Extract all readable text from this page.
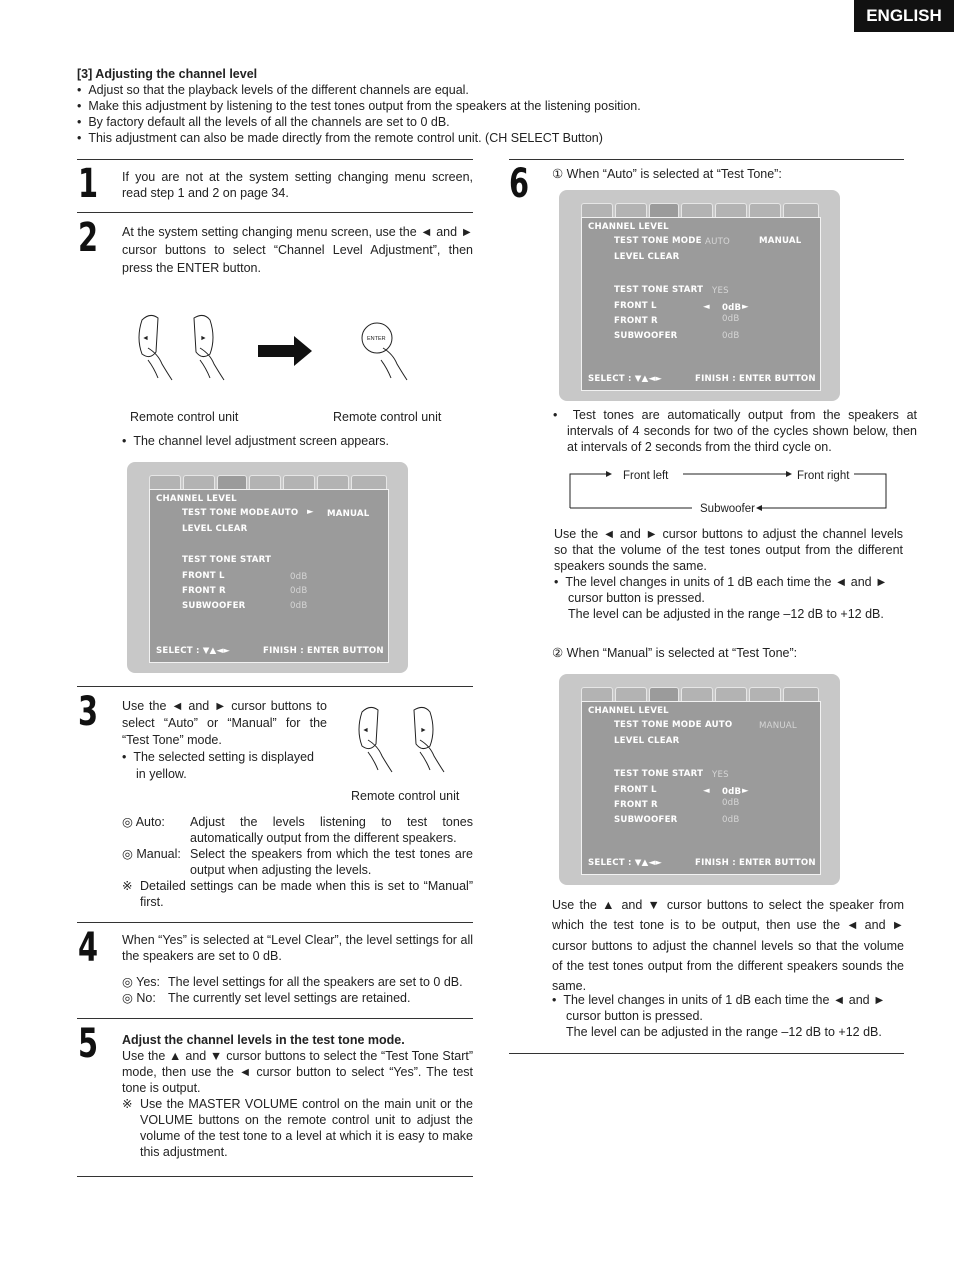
ENGLISH
[3] Adjusting the channel level
•  Adjust so that the playback levels of the different channels are equal.
•  Make this adjustment by listening to the test tones output from the speakers at the listening position.
•  By factory default all the levels of all the channels are set to 0 dB.
•  This adjustment can also be made directly from the remote control unit. (CH SELECT Button)
1 If you are not at the system setting changing menu screen, read step 1 and 2 on page 34.
2 At the system setting changing menu screen, use the ◄ and ► cursor buttons to select “Channel Level Adjustment”, then press the ENTER button.
◄	►	ENTER
Remote control unit	Remote control unit
•  The channel level adjustment screen appears.
CHANNEL LEVEL
TEST TONE MODE AUTO ► MANUAL
LEVEL CLEAR
TEST TONE START
FRONT L	0dB
FRONT R	0dB
SUBWOOFER	0dB
SELECT : ▼▲◄►	FINISH : ENTER BUTTON
3 Use the ◄ and ► cursor buttons to select “Auto” or “Manual” for the “Test Tone” mode.
•  The selected setting is displayed in yellow.
◄	►
Remote control unit
◎ Auto:	Adjust the levels listening to test tones automatically output from the different speakers.
◎ Manual: Select the speakers from which the test tones are output when adjusting the levels.
※ Detailed settings can be made when this is set to “Manual” first.
4 When “Yes” is selected at “Level Clear”, the level settings for all the speakers are set to 0 dB.
◎ Yes: The level settings for all the speakers are set to 0 dB.
◎ No: The currently set level settings are retained.
5 Adjust the channel levels in the test tone mode.
Use the ▲ and ▼ cursor buttons to select the “Test Tone Start” mode, then use the ◄ cursor button to select “Yes”. The test tone is output.
※ Use the MASTER VOLUME control on the main unit or the VOLUME buttons on the remote control unit to adjust the volume of the test tone to a level at which it is easy to make this adjustment.
6 ① When “Auto” is selected at “Test Tone”:
CHANNEL LEVEL
TEST TONE MODE AUTO	MANUAL
LEVEL CLEAR
TEST TONE START YES
FRONT L	◄ 0dB ►
FRONT R	0dB
SUBWOOFER	0dB
SELECT : ▼▲◄►	FINISH : ENTER BUTTON
•  Test tones are automatically output from the speakers at intervals of 4 seconds for two of the cycles shown below, then at intervals of 2 seconds from the third cycle on.
Front left	Front right
Subwoofer
Use the ◄ and ► cursor buttons to adjust the channel levels so that the volume of the test tones output from the different speakers sounds the same.
•  The level changes in units of 1 dB each time the ◄ and ► cursor button is pressed.
The level can be adjusted in the range –12 dB to +12 dB.
② When “Manual” is selected at “Test Tone”:
CHANNEL LEVEL
TEST TONE MODE AUTO	MANUAL
LEVEL CLEAR
TEST TONE START YES
FRONT L	◄ 0dB ►
FRONT R	0dB
SUBWOOFER	0dB
SELECT : ▼▲◄►	FINISH : ENTER BUTTON
Use the ▲ and ▼ cursor buttons to select the speaker from which the test tone is to be output, then use the ◄ and ► cursor buttons to adjust the channel levels so that the volume of the test tones output from the different speakers sounds the same.
•  The level changes in units of 1 dB each time the ◄ and ► cursor button is pressed.
The level can be adjusted in the range –12 dB to +12 dB.
